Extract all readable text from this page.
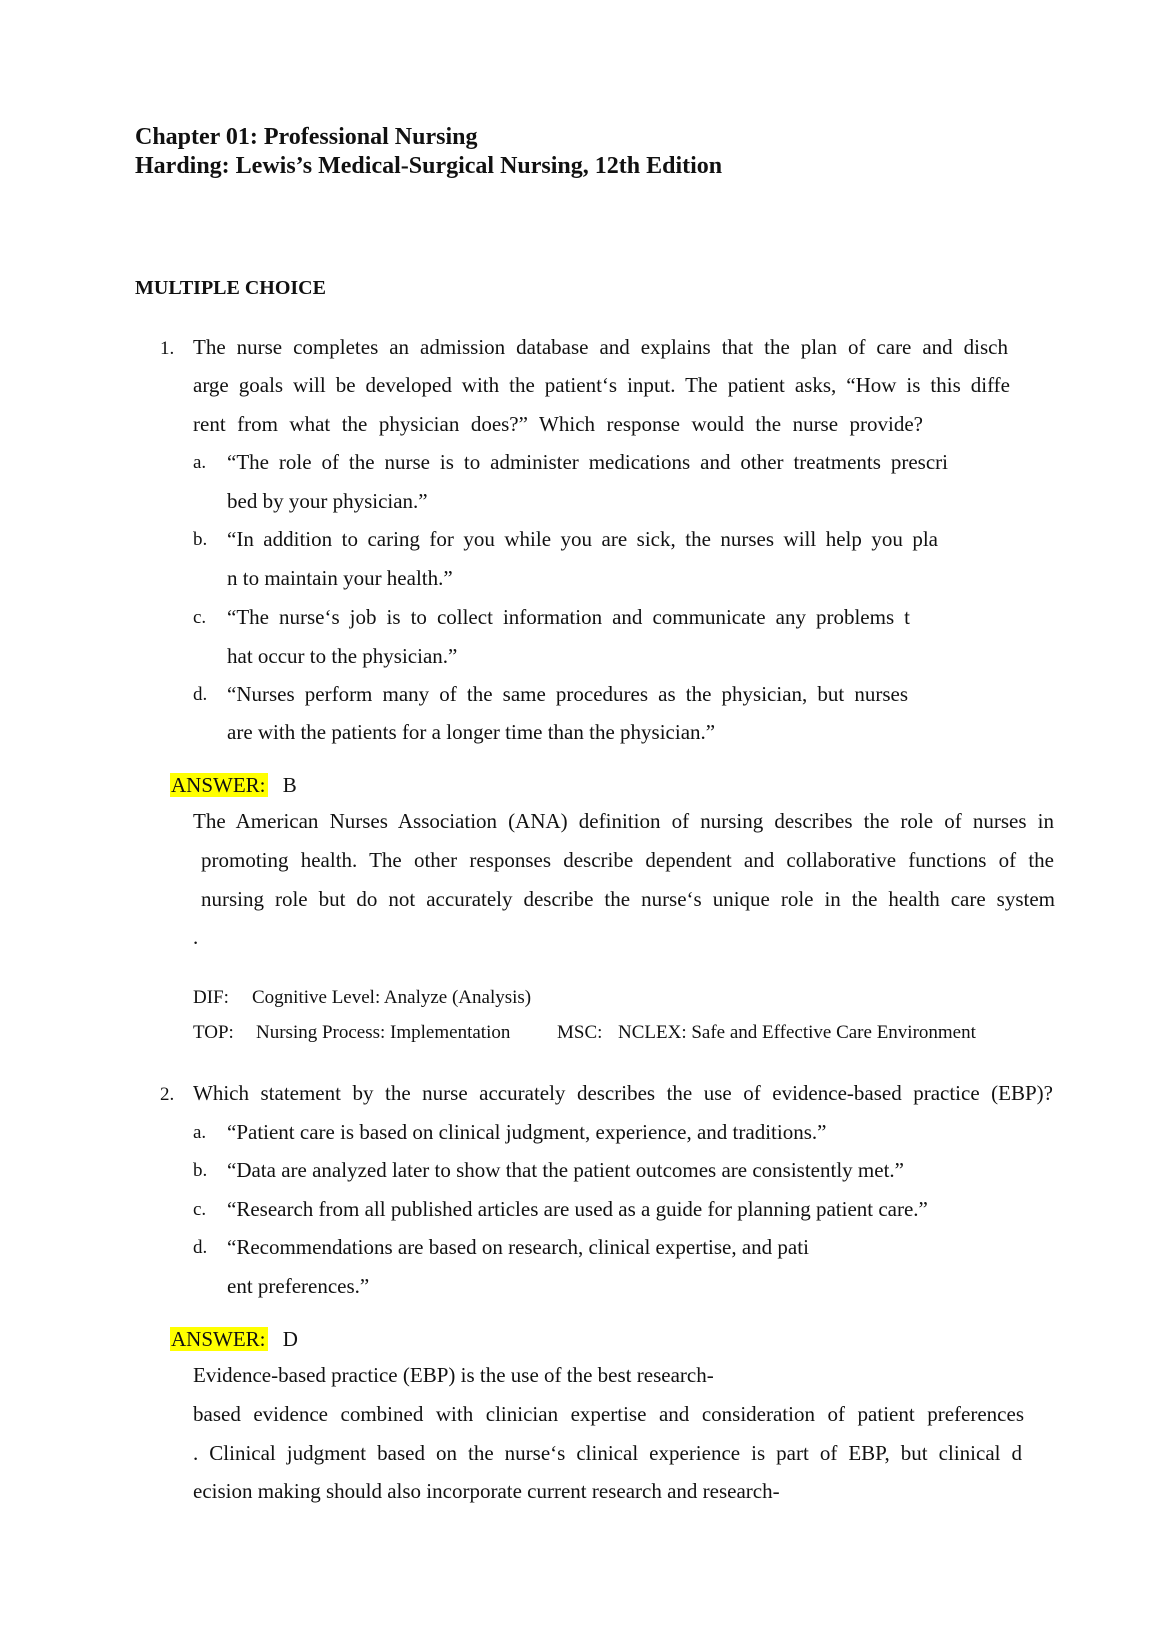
Chapter 01: Professional Nursing
Harding: Lewis’s Medical-Surgical Nursing, 12th Edition
MULTIPLE CHOICE
1. The nurse completes an admission database and explains that the plan of care and disch
arge goals will be developed with the patient‘s input. The patient asks, “How is this diffe
rent from what the physician does?” Which response would the nurse provide?
a. “The role of the nurse is to administer medications and other treatments prescri
bed by your physician.”
b. “In addition to caring for you while you are sick, the nurses will help you pla
n to maintain your health.”
c. “The nurse‘s job is to collect information and communicate any problems t
hat occur to the physician.”
d. “Nurses perform many of the same procedures as the physician, but nurses
are with the patients for a longer time than the physician.”
ANSWER: B
The American Nurses Association (ANA) definition of nursing describes the role of nurses in
promoting health. The other responses describe dependent and collaborative functions of the
nursing role but do not accurately describe the nurse‘s unique role in the health care system
.
DIF: Cognitive Level: Analyze (Analysis)
TOP: Nursing Process: Implementation MSC: NCLEX: Safe and Effective Care Environment
2. Which statement by the nurse accurately describes the use of evidence-based practice (EBP)?
a. “Patient care is based on clinical judgment, experience, and traditions.”
b. “Data are analyzed later to show that the patient outcomes are consistently met.”
c. “Research from all published articles are used as a guide for planning patient care.”
d. “Recommendations are based on research, clinical expertise, and pati
ent preferences.”
ANSWER: D
Evidence-based practice (EBP) is the use of the best research-
based evidence combined with clinician expertise and consideration of patient preferences
. Clinical judgment based on the nurse‘s clinical experience is part of EBP, but clinical d
ecision making should also incorporate current research and research-
